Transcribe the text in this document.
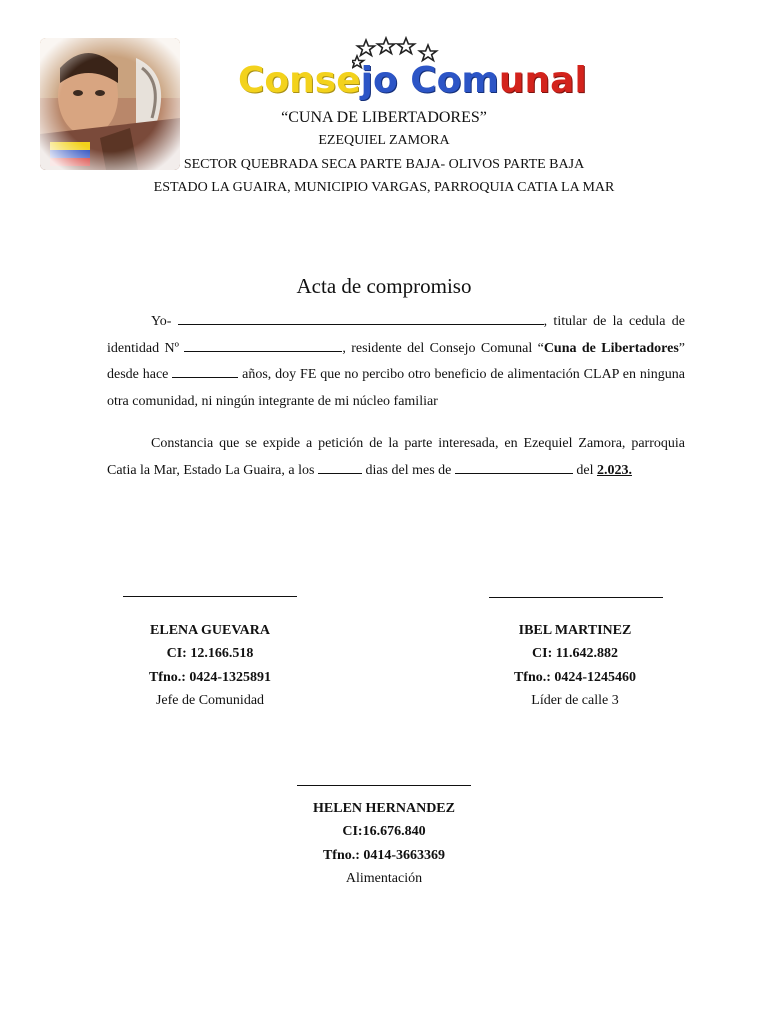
Consejo Comunal
“CUNA DE LIBERTADORES”
EZEQUIEL ZAMORA
SECTOR QUEBRADA SECA PARTE BAJA- OLIVOS PARTE BAJA
ESTADO LA GUAIRA, MUNICIPIO VARGAS, PARROQUIA CATIA LA MAR
Acta de compromiso
Yo-	, titular de la cedula de identidad Nº	, residente del Consejo Comunal “Cuna de Libertadores” desde hace	años, doy FE que no percibo otro beneficio de alimentación CLAP en ninguna otra comunidad, ni ningún integrante de mi núcleo familiar
Constancia que se expide a petición de la parte interesada, en Ezequiel Zamora, parroquia Catia la Mar, Estado La Guaira, a los	dias del mes de	del 2.023.
ELENA GUEVARA
CI: 12.166.518
Tfno.: 0424-1325891
Jefe de Comunidad
IBEL MARTINEZ
CI: 11.642.882
Tfno.: 0424-1245460
Líder de calle 3
HELEN HERNANDEZ
CI:16.676.840
Tfno.: 0414-3663369
Alimentación
